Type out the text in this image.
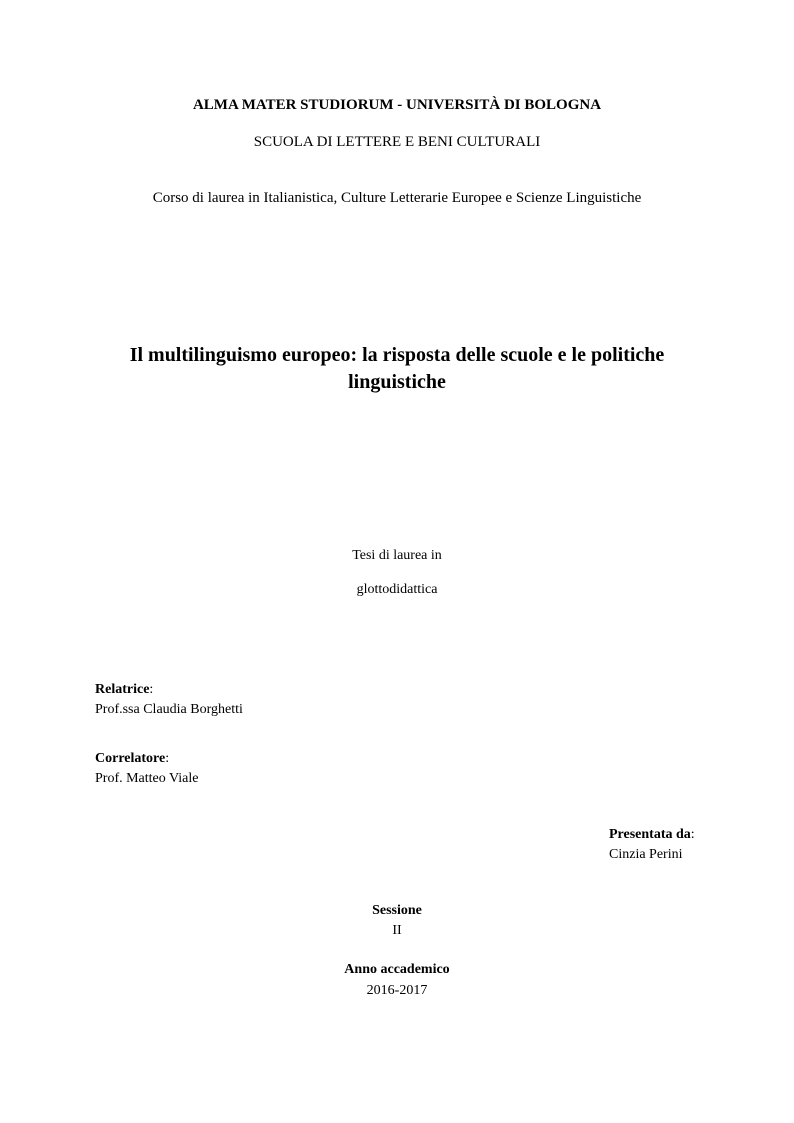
ALMA MATER STUDIORUM - UNIVERSITÀ DI BOLOGNA
SCUOLA DI LETTERE E BENI CULTURALI
Corso di laurea in Italianistica, Culture Letterarie Europee e Scienze Linguistiche
Il multilinguismo europeo: la risposta delle scuole e le politiche
linguistiche
Tesi di laurea in
glottodidattica
Relatrice:
Prof.ssa Claudia Borghetti
Correlatore:
Prof. Matteo Viale
Presentata da:
Cinzia Perini
Sessione
II
Anno accademico
2016-2017
